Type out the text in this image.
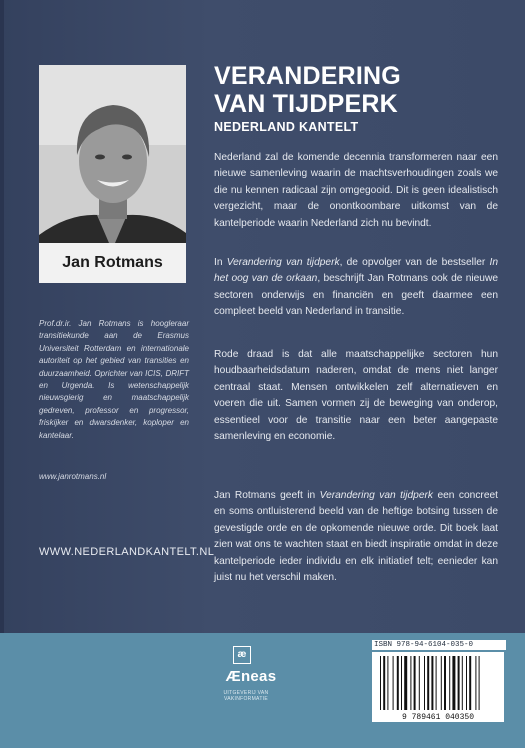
Jan Rotmans
Prof.dr.ir. Jan Rotmans is hoogleraar transitiekunde aan de Erasmus Universiteit Rotterdam en internationale autoriteit op het gebied van transities en duurzaamheid. Oprichter van ICIS, DRIFT en Urgenda. Is wetenschappelijk nieuwsgierig en maatschappelijk gedreven, professor en progressor, friskijker en dwarsdenker, koploper en kantelaar.
www.janrotmans.nl
WWW.NEDERLANDKANTELT.NL
VERANDERING
VAN TIJDPERK
NEDERLAND KANTELT
Nederland zal de komende decennia transformeren naar een nieuwe samenleving waarin de machtsverhoudingen zoals we die nu kennen radicaal zijn omgegooid. Dit is geen idealistisch vergezicht, maar de onontkoombare uitkomst van de kantelperiode waarin Nederland zich nu bevindt.
In Verandering van tijdperk, de opvolger van de bestseller In het oog van de orkaan, beschrijft Jan Rotmans ook de nieuwe sectoren onderwijs en financiën en geeft daarmee een compleet beeld van Nederland in transitie.
Rode draad is dat alle maatschappelijke sectoren hun houdbaarheidsdatum naderen, omdat de mens niet langer centraal staat. Mensen ontwikkelen zelf alternatieven en voeren die uit. Samen vormen zij de beweging van onderop, essentieel voor de transitie naar een beter aangepaste samenleving en economie.
Jan Rotmans geeft in Verandering van tijdperk een concreet en soms ontluisterend beeld van de heftige botsing tussen de gevestigde orde en de opkomende nieuwe orde. Dit boek laat zien wat ons te wachten staat en biedt inspiratie omdat in deze kantelperiode ieder individu en elk initiatief telt; eenieder kan juist nu het verschil maken.
æ
Æneas
UITGEVERIJ VAN VAKINFORMATIE
ISBN 978-94-6104-035-0
9 789461 040350
